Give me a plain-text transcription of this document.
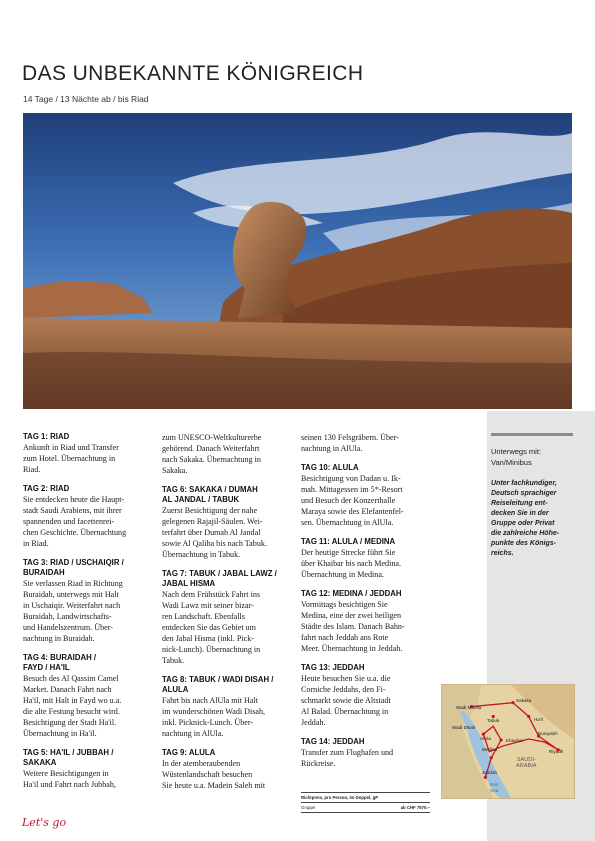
DAS UNBEKANNTE KÖNIGREICH
14 Tage / 13 Nächte ab / bis Riad
Unterwegs mit:
Van/Minibus
Unter fachkundiger,
Deutsch sprachiger
Reiseleitung ent-
decken Sie in der
Gruppe oder Privat
die zahlreiche Höhe-
punkte des Königs-
reichs.
TAG 1: RIAD
Ankunft in Riad und Transfer
zum Hotel. Übernachtung in
Riad.
TAG 2: RIAD
Sie entdecken heute die Haupt-
stadt Saudi Arabiens, mit ihrer
spannenden und facettenrei-
chen Geschichte. Übernachtung
in Riad.
TAG 3: RIAD / USCHAIQIR /
BURAIDAH
Sie verlassen Riad in Richtung
Buraidah, unterwegs mit Halt
in Uschaiqir. Weiterfahrt nach
Buraidah, Landwirtschafts-
und Handelszentrum. Über-
nachtung in Buraidah.
TAG 4: BURAIDAH /
FAYD / HA'IL
Besuch des Al Qassim Camel
Market. Danach Fahrt nach
Ha'il, mit Halt in Fayd wo u.a.
die alte Festung besucht wird.
Besichtigung der Stadt Ha'il.
Übernachtung in Ha'il.
TAG 5: HA'IL / JUBBAH /
SAKAKA
Weitere Besichtigungen in
Ha'il und Fahrt nach Jubbah,
zum UNESCO-Weltkulturerbe
gehörend. Danach Weiterfahrt
nach Sakaka. Übernachtung in
Sakaka.
TAG 6: SAKAKA / DUMAH
AL JANDAL / TABUK
Zuerst Besichtigung der nahe
gelegenen Rajajil-Säulen. Wei-
terfahrt über Dumah Al Jandal
sowie Al Qaliba bis nach Tabuk.
Übernachtung in Tabuk.
TAG 7: TABUK / JABAL LAWZ /
JABAL HISMA
Nach dem Frühstück Fahrt ins
Wadi Lawz mit seiner bizar-
ren Landschaft. Ebenfalls
entdecken Sie das Gebiet um
den Jabal Hisma (inkl. Pick-
nick-Lunch). Übernachtung in
Tabuk.
TAG 8: TABUK / WADI DISAH /
ALULA
Fahrt bis nach AlUla mit Halt
im wunderschönen Wadi Disah,
inkl. Picknick-Lunch. Über-
nachtung in AlUla.
TAG 9: ALULA
In der atemberaubenden
Wüstenlandschaft besuchen
Sie heute u.a. Madein Saleh mit
seinen 130 Felsgräbern. Über-
nachtung in AlUla.
TAG 10: ALULA
Besichtigung von Dadan u. Ik-
mah. Mittagessen im 5*-Resort
und Besuch der Konzerthalle
Maraya sowie des Elefantenfel-
sen. Übernachtung in AlUla.
TAG 11: ALULA / MEDINA
Der heutige Strecke führt Sie
über Khaibar bis nach Medina.
Übernachtung in Medina.
TAG 12: MEDINA / JEDDAH
Vormittags besichtigen Sie
Medina, eine der zwei heiligen
Städte des Islam. Danach Bahn-
fahrt nach Jeddah ans Rote
Meer. Übernachtung in Jeddah.
TAG 13: JEDDAH
Heute besuchen Sie u.a. die
Corniche Jeddahs, den Fi-
schmarkt sowie die Altstadt
Al Balad. Übernachtung in
Jeddah.
TAG 14: JEDDAH
Transfer zum Flughafen und
Rückreise.
Richtpreis, pro Person, im Doppel, gP
Gruppe	ab CHF 7570.–
Wadi Mousa
Sakaka
Tabuk	Ha'il
Wadi Disah
AlUla	Khaybar
Buraydah
Medina	Riyadh
Jeddah
SAUDI-
ARABIA
Red
Sea
Let's go
